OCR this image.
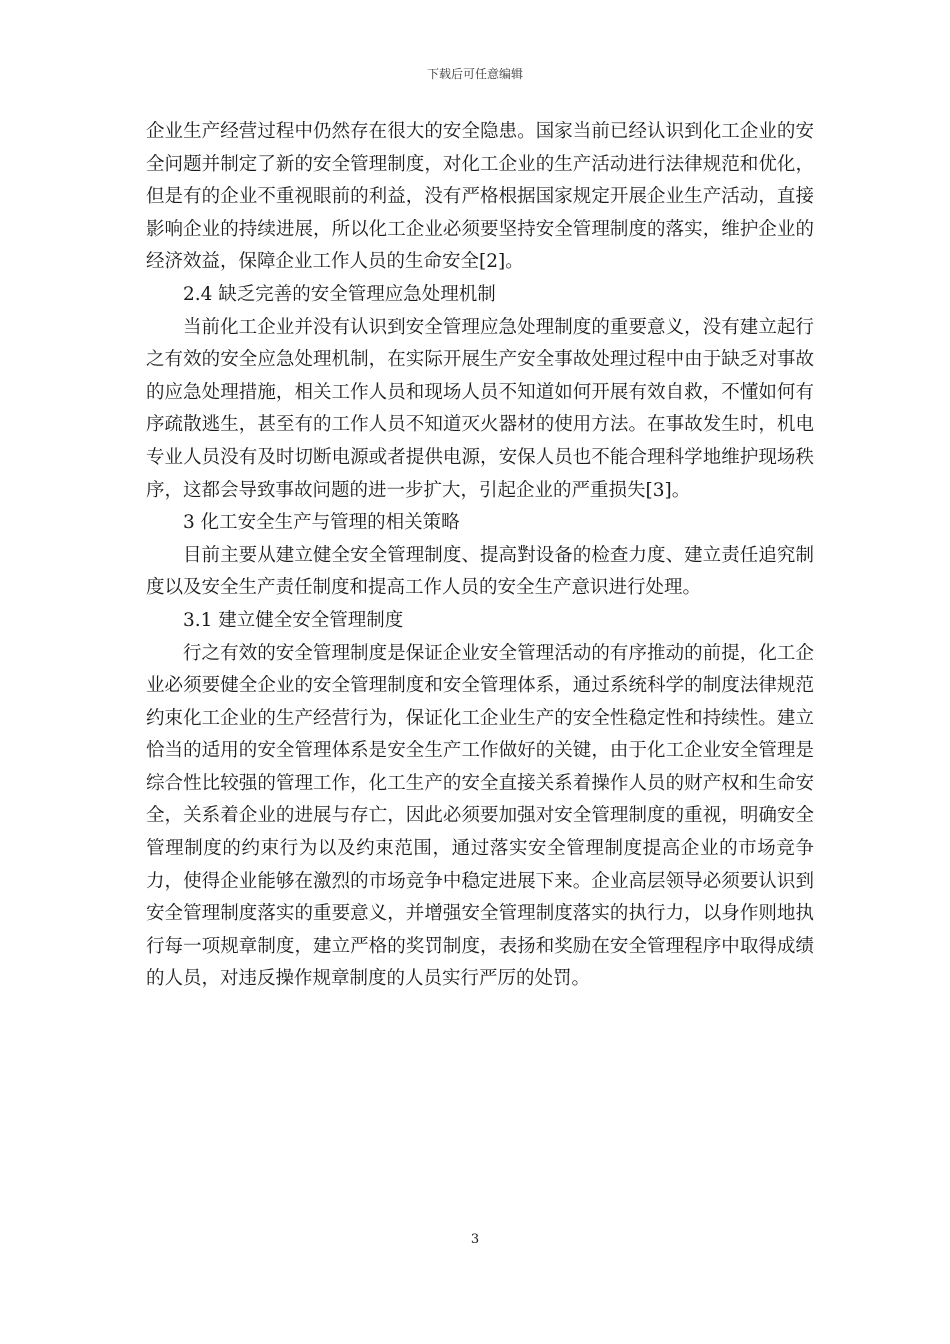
下载后可任意编辑

企业生产经营过程中仍然存在很大的安全隐患。国家当前已经认识到化工企业的安全问题并制定了新的安全管理制度，对化工企业的生产活动进行法律规范和优化，但是有的企业不重视眼前的利益，没有严格根据国家规定开展企业生产活动，直接影响企业的持续进展，所以化工企业必须要坚持安全管理制度的落实，维护企业的经济效益，保障企业工作人员的生命安全[2]。

2.4 缺乏完善的安全管理应急处理机制

当前化工企业并没有认识到安全管理应急处理制度的重要意义，没有建立起行之有效的安全应急处理机制，在实际开展生产安全事故处理过程中由于缺乏对事故的应急处理措施，相关工作人员和现场人员不知道如何开展有效自救，不懂如何有序疏散逃生，甚至有的工作人员不知道灭火器材的使用方法。在事故发生时，机电专业人员没有及时切断电源或者提供电源，安保人员也不能合理科学地维护现场秩序，这都会导致事故问题的进一步扩大，引起企业的严重损失[3]。

3 化工安全生产与管理的相关策略

目前主要从建立健全安全管理制度、提高對设备的检查力度、建立责任追究制度以及安全生产责任制度和提高工作人员的安全生产意识进行处理。

3.1 建立健全安全管理制度

行之有效的安全管理制度是保证企业安全管理活动的有序推动的前提，化工企业必须要健全企业的安全管理制度和安全管理体系，通过系统科学的制度法律规范约束化工企业的生产经营行为，保证化工企业生产的安全性稳定性和持续性。建立恰当的适用的安全管理体系是安全生产工作做好的关键，由于化工企业安全管理是综合性比较强的管理工作，化工生产的安全直接关系着操作人员的财产权和生命安全，关系着企业的进展与存亡，因此必须要加强对安全管理制度的重视，明确安全管理制度的约束行为以及约束范围，通过落实安全管理制度提高企业的市场竞争力，使得企业能够在激烈的市场竞争中稳定进展下来。企业高层领导必须要认识到安全管理制度落实的重要意义，并增强安全管理制度落实的执行力，以身作则地执行每一项规章制度，建立严格的奖罚制度，表扬和奖励在安全管理程序中取得成绩的人员，对违反操作规章制度的人员实行严厉的处罚。

3
